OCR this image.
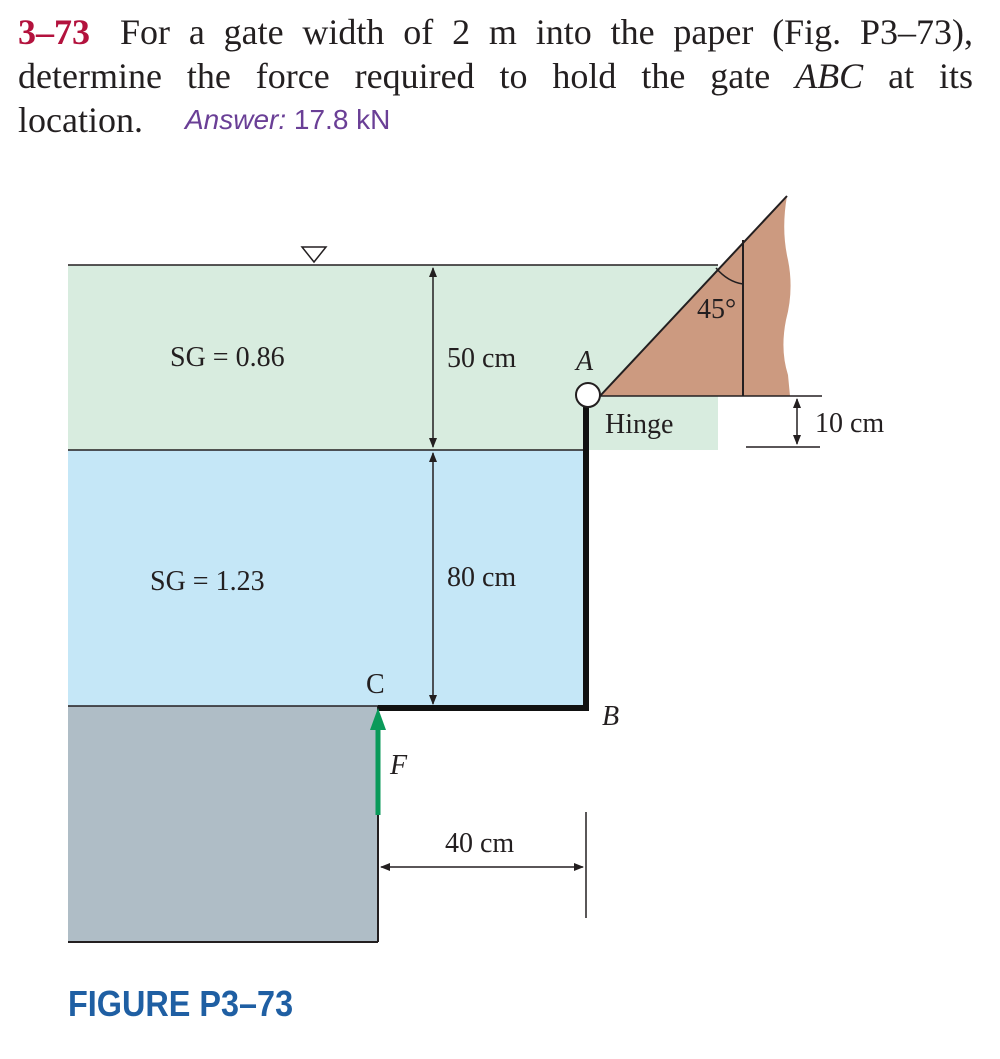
3–73 For a gate width of 2 m into the paper (Fig. P3–73),
determine the force required to hold the gate ABC at its
location. Answer: 17.8 kN
SG = 0.86
SG = 1.23
50 cm
80 cm
40 cm
10 cm
45°
A
B
C
F
Hinge
FIGURE P3–73
